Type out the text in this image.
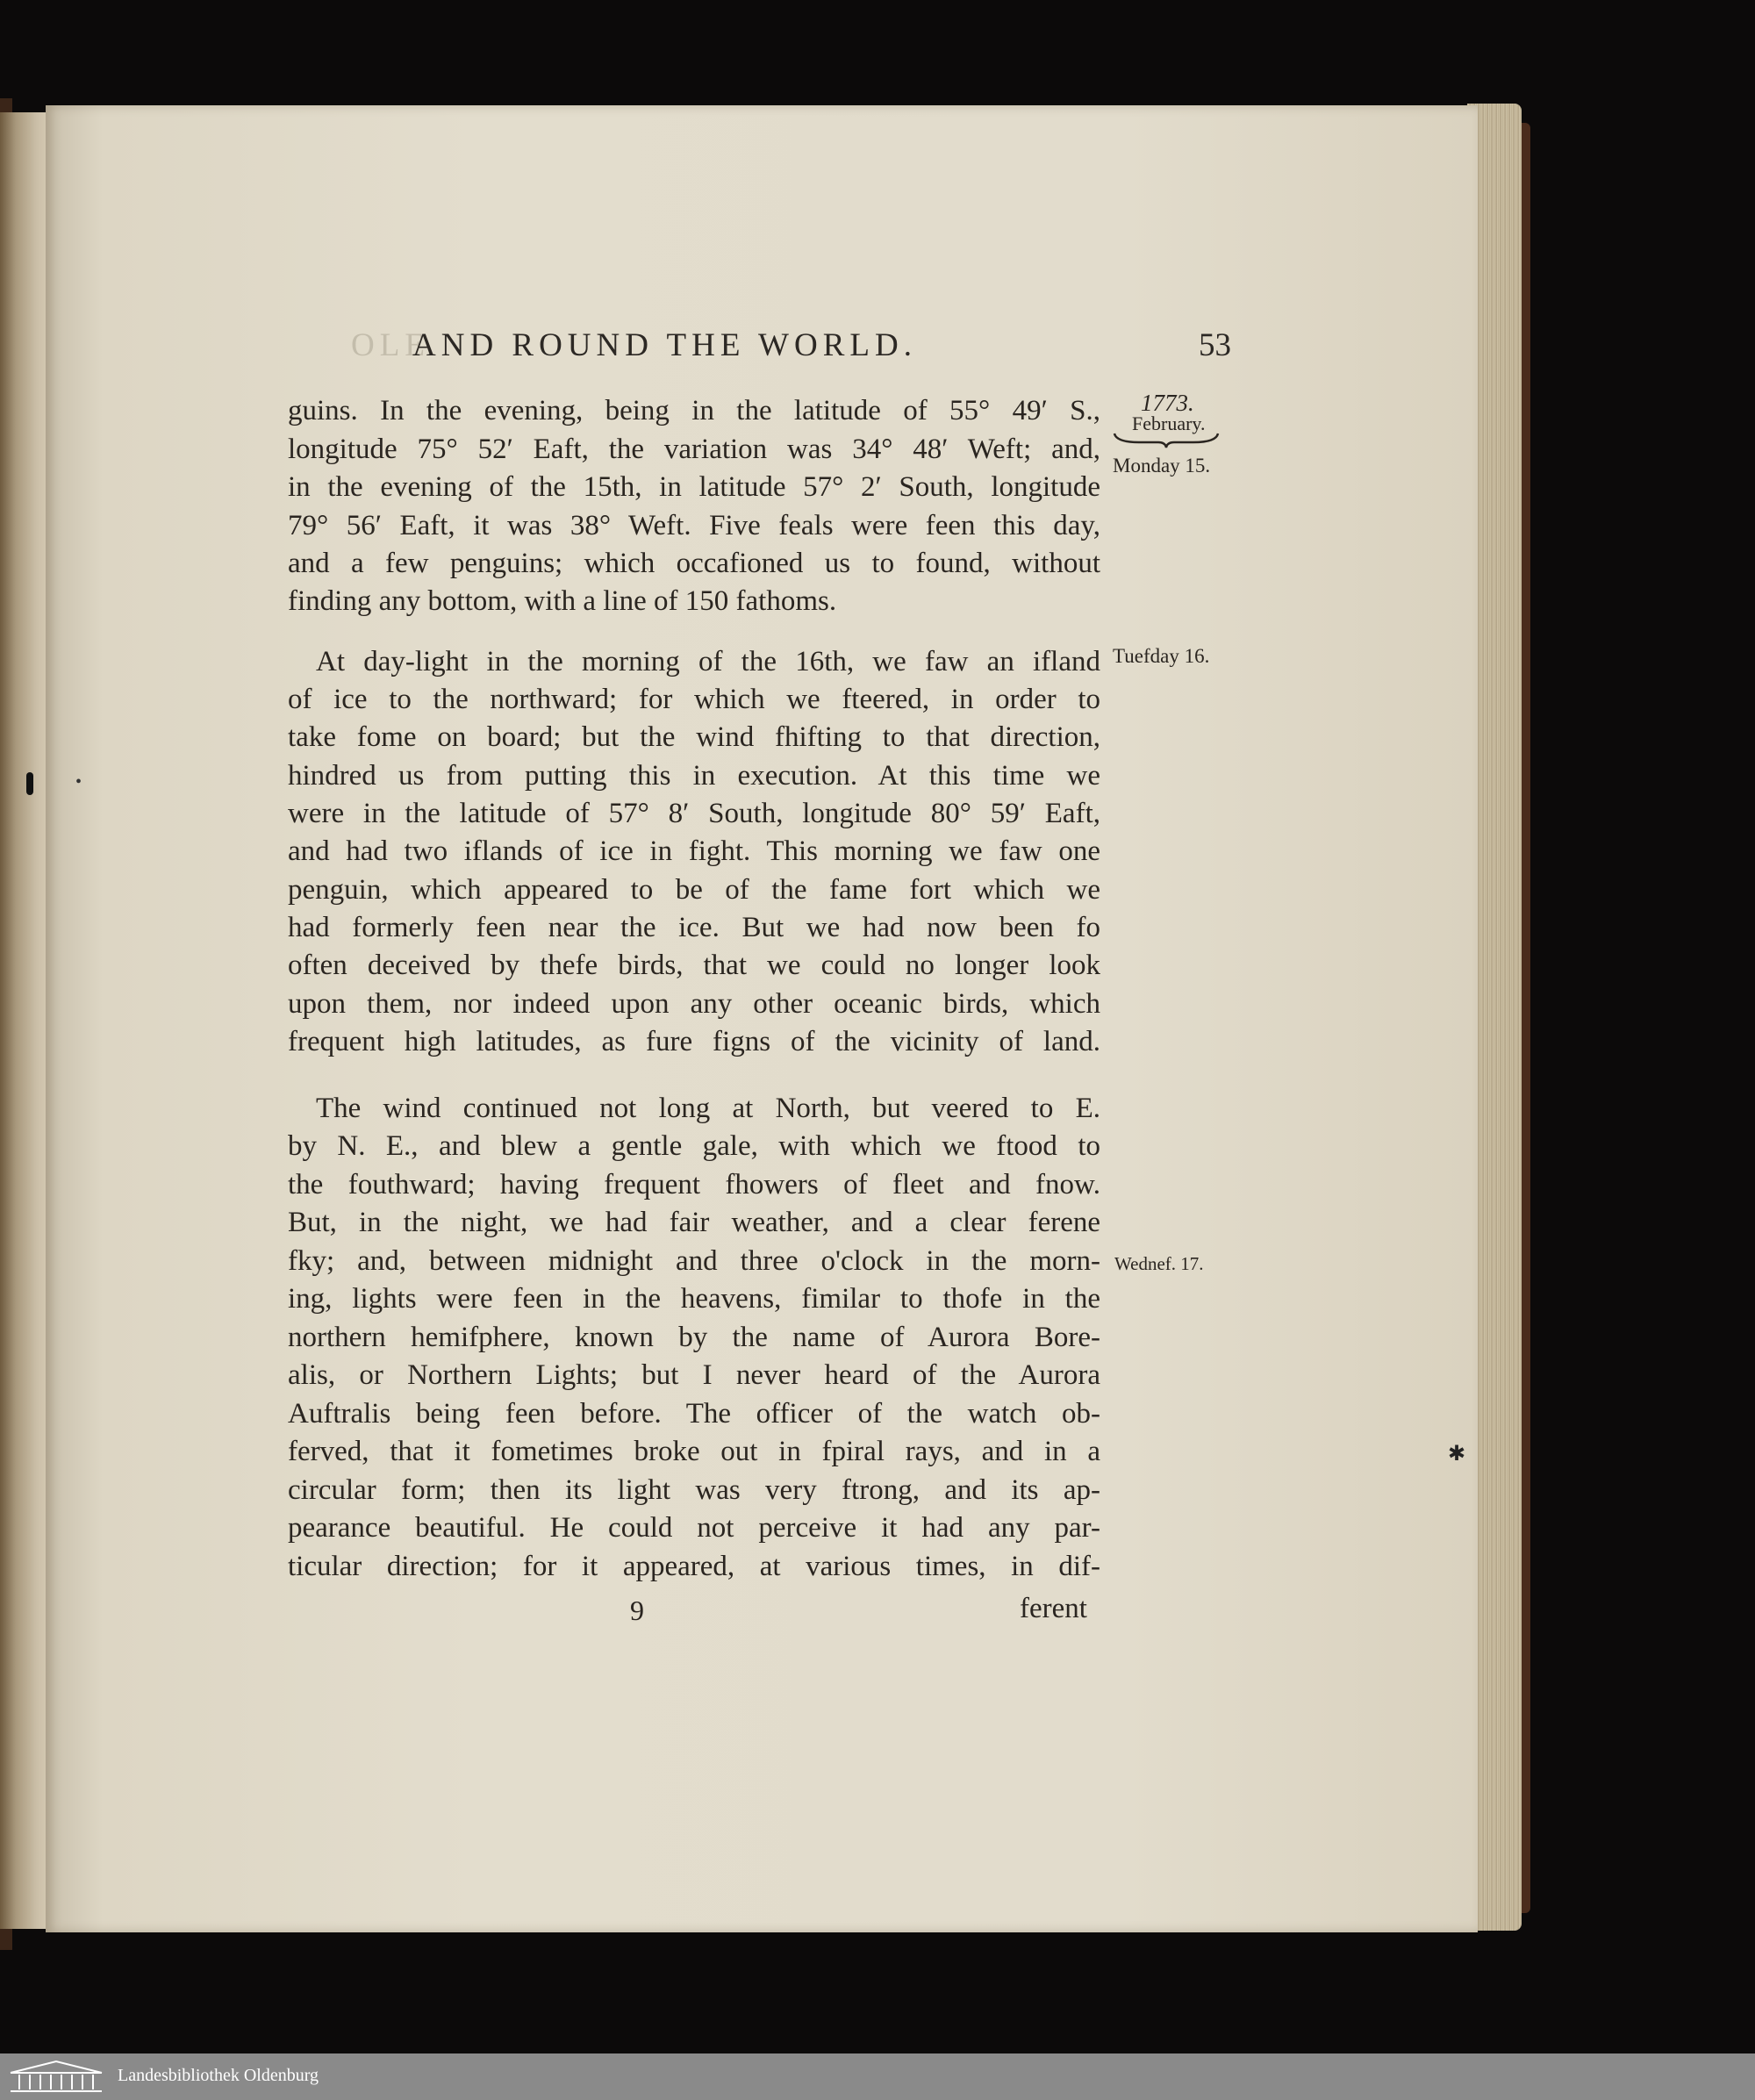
•
✱
OLE
AND ROUND THE WORLD.	53
1773.
February.
Monday 15.
Tuefday 16.
Wednef. 17.
guins. In the evening, being in the latitude of 55° 49′ S.,
longitude 75° 52′ Eaft, the variation was 34° 48′ Weft; and,
in the evening of the 15th, in latitude 57° 2′ South, longitude
79° 56′ Eaft, it was 38° Weft. Five feals were feen this day,
and a few penguins; which occafioned us to found, without
finding any bottom, with a line of 150 fathoms.
At day-light in the morning of the 16th, we faw an ifland
of ice to the northward; for which we fteered, in order to
take fome on board; but the wind fhifting to that direction,
hindred us from putting this in execution. At this time we
were in the latitude of 57° 8′ South, longitude 80° 59′ Eaft,
and had two iflands of ice in fight. This morning we faw one
penguin, which appeared to be of the fame fort which we
had formerly feen near the ice. But we had now been fo
often deceived by thefe birds, that we could no longer look
upon them, nor indeed upon any other oceanic birds, which
frequent high latitudes, as fure figns of the vicinity of land.
The wind continued not long at North, but veered to E.
by N. E., and blew a gentle gale, with which we ftood to
the fouthward; having frequent fhowers of fleet and fnow.
But, in the night, we had fair weather, and a clear ferene
fky; and, between midnight and three o'clock in the morn-
ing, lights were feen in the heavens, fimilar to thofe in the
northern hemifphere, known by the name of Aurora Bore-
alis, or Northern Lights; but I never heard of the Aurora
Auftralis being feen before. The officer of the watch ob-
ferved, that it fometimes broke out in fpiral rays, and in a
circular form; then its light was very ftrong, and its ap-
pearance beautiful. He could not perceive it had any par-
ticular direction; for it appeared, at various times, in dif-
9	ferent
Landesbibliothek Oldenburg
